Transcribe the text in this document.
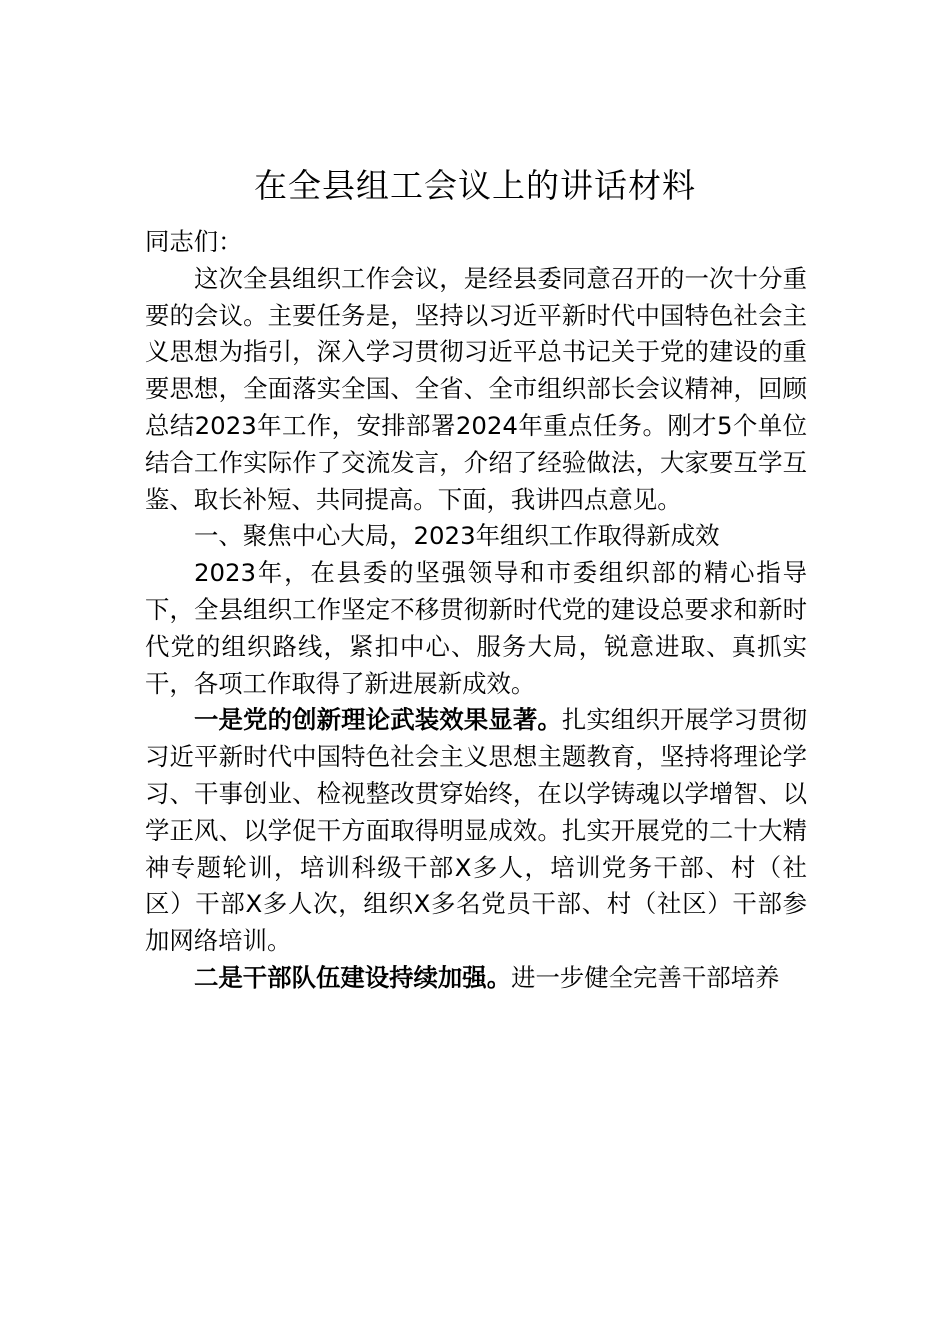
在全县组工会议上的讲话材料

同志们：

这次全县组织工作会议，是经县委同意召开的一次十分重要的会议。主要任务是，坚持以习近平新时代中国特色社会主义思想为指引，深入学习贯彻习近平总书记关于党的建设的重要思想，全面落实全国、全省、全市组织部长会议精神，回顾总结2023年工作，安排部署2024年重点任务。刚才5个单位结合工作实际作了交流发言，介绍了经验做法，大家要互学互鉴、取长补短、共同提高。下面，我讲四点意见。

一、聚焦中心大局，2023年组织工作取得新成效

2023年，在县委的坚强领导和市委组织部的精心指导下，全县组织工作坚定不移贯彻新时代党的建设总要求和新时代党的组织路线，紧扣中心、服务大局，锐意进取、真抓实干，各项工作取得了新进展新成效。

一是党的创新理论武装效果显著。扎实组织开展学习贯彻习近平新时代中国特色社会主义思想主题教育，坚持将理论学习、干事创业、检视整改贯穿始终，在以学铸魂以学增智、以学正风、以学促干方面取得明显成效。扎实开展党的二十大精神专题轮训，培训科级干部X多人，培训党务干部、村（社区）干部X多人次，组织X多名党员干部、村（社区）干部参加网络培训。

二是干部队伍建设持续加强。进一步健全完善干部培养
